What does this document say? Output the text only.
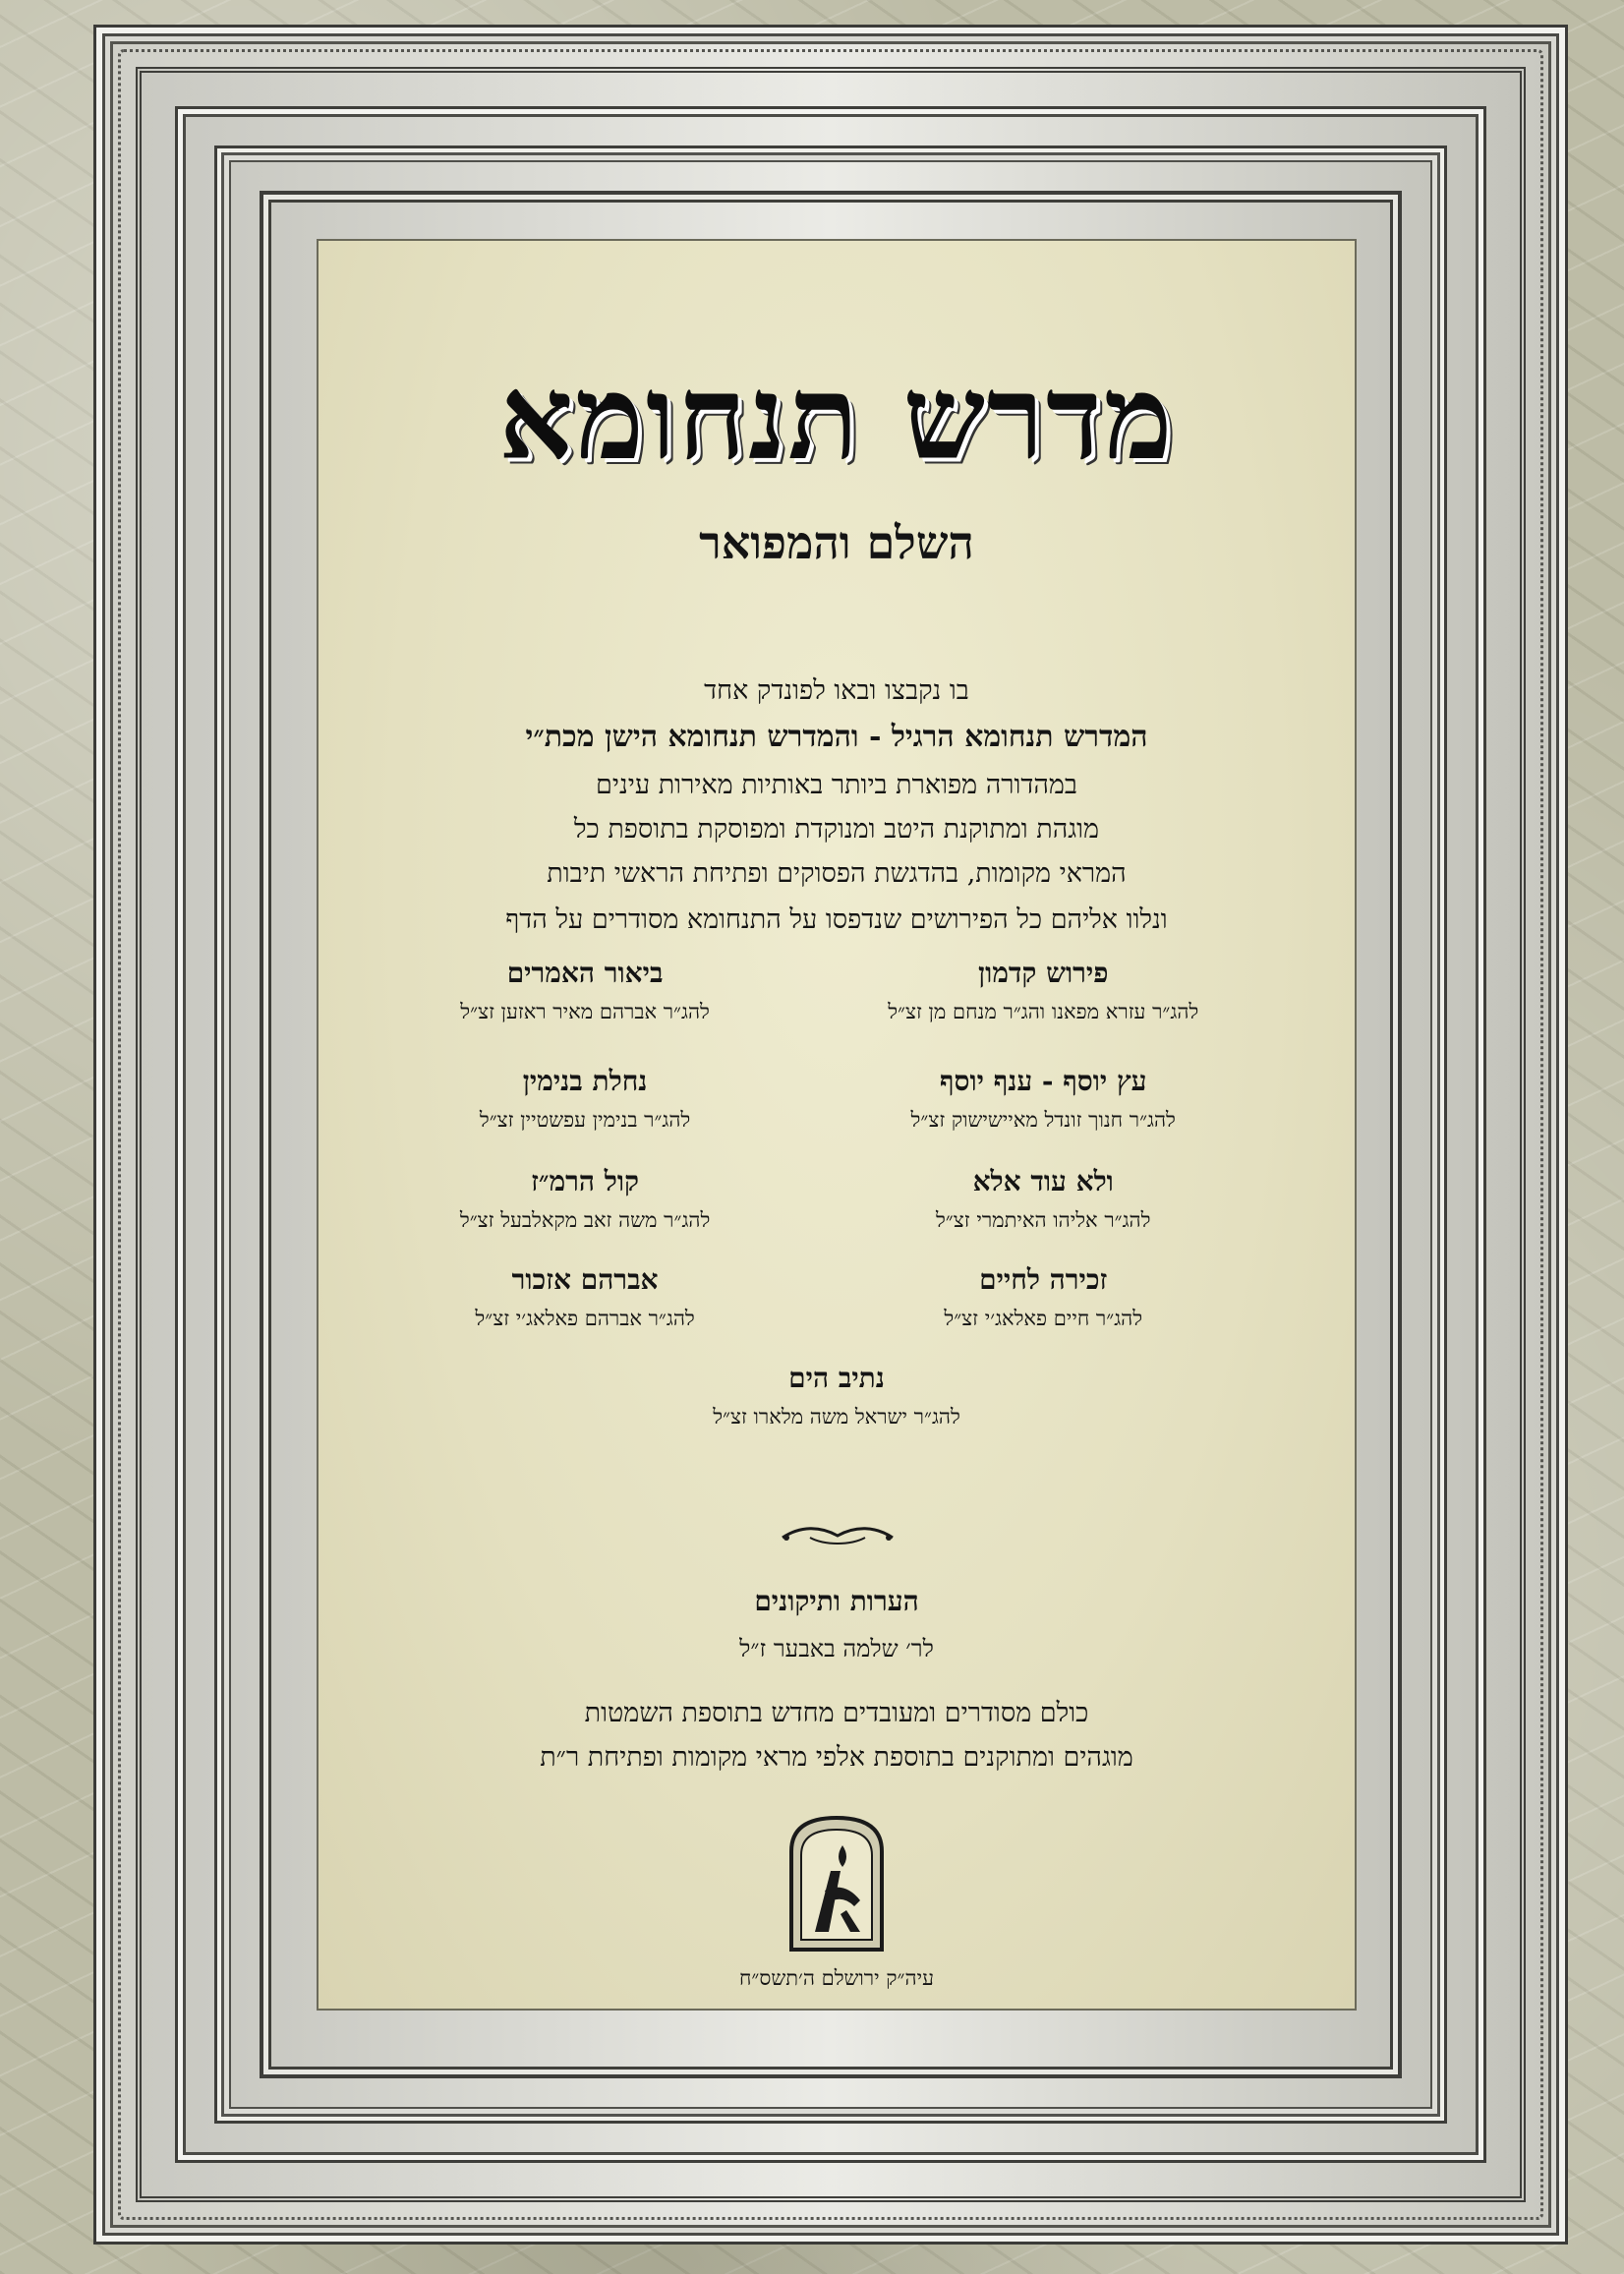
מדרש תנחומא
השלם והמפואר
בו נקבצו ובאו לפונדק אחד
המדרש תנחומא הרגיל - והמדרש תנחומא הישן מכת״י
במהדורה מפוארת ביותר באותיות מאירות עינים
מוגהת ומתוקנת היטב ומנוקדת ומפוסקת בתוספת כל
המראי מקומות, בהדגשת הפסוקים ופתיחת הראשי תיבות
ונלוו אליהם כל הפירושים שנדפסו על התנחומא מסודרים על הדף
פירוש קדמון
להג״ר עזרא מפאנו והג״ר מנחם מן זצ״ל
ביאור האמרים
להג״ר אברהם מאיר ראזען זצ״ל
עץ יוסף - ענף יוסף
להג״ר חנוך זונדל מאיישישוק זצ״ל
נחלת בנימין
להג״ר בנימין עפשטיין זצ״ל
ולא עוד אלא
להג״ר אליהו האיתמרי זצ״ל
קול הרמ״ז
להג״ר משה זאב מקאלבעל זצ״ל
זכירה לחיים
להג״ר חיים פאלאג׳י זצ״ל
אברהם אזכור
להג״ר אברהם פאלאג׳י זצ״ל
נתיב הים
להג״ר ישראל משה מלארו זצ״ל
הערות ותיקונים
לר׳ שלמה באבער ז״ל
כולם מסודרים ומעובדים מחדש בתוספת השמטות
מוגהים ומתוקנים בתוספת אלפי מראי מקומות ופתיחת ר״ת
עיה״ק ירושלם ה׳תשס״ח
